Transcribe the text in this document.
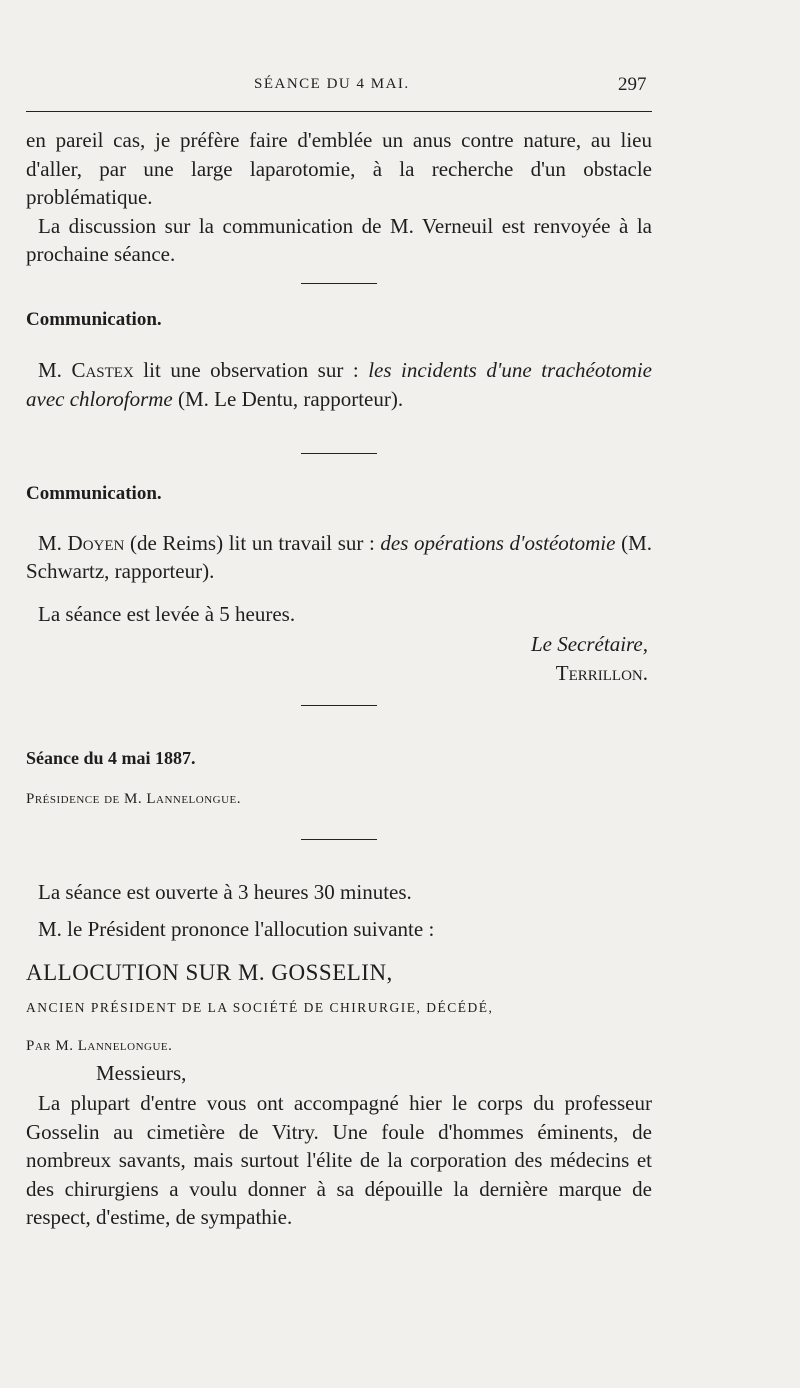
SÉANCE DU 4 MAI.	297

en pareil cas, je préfère faire d'emblée un anus contre nature, au lieu d'aller, par une large laparotomie, à la recherche d'un obstacle problématique.

La discussion sur la communication de M. Verneuil est renvoyée à la prochaine séance.

Communication.

M. Castex lit une observation sur : les incidents d'une trachéotomie avec chloroforme (M. Le Dentu, rapporteur).

Communication.

M. Doyen (de Reims) lit un travail sur : des opérations d'ostéotomie (M. Schwartz, rapporteur).

La séance est levée à 5 heures.

Le Secrétaire,

Terrillon.

Séance du 4 mai 1887.

Présidence de M. Lannelongue.

La séance est ouverte à 3 heures 30 minutes.

M. le Président prononce l'allocution suivante :

ALLOCUTION SUR M. GOSSELIN,

ANCIEN PRÉSIDENT DE LA SOCIÉTÉ DE CHIRURGIE, DÉCÉDÉ,

Par M. Lannelongue.

Messieurs,

La plupart d'entre vous ont accompagné hier le corps du professeur Gosselin au cimetière de Vitry. Une foule d'hommes éminents, de nombreux savants, mais surtout l'élite de la corporation des médecins et des chirurgiens a voulu donner à sa dépouille la dernière marque de respect, d'estime, de sympathie.
